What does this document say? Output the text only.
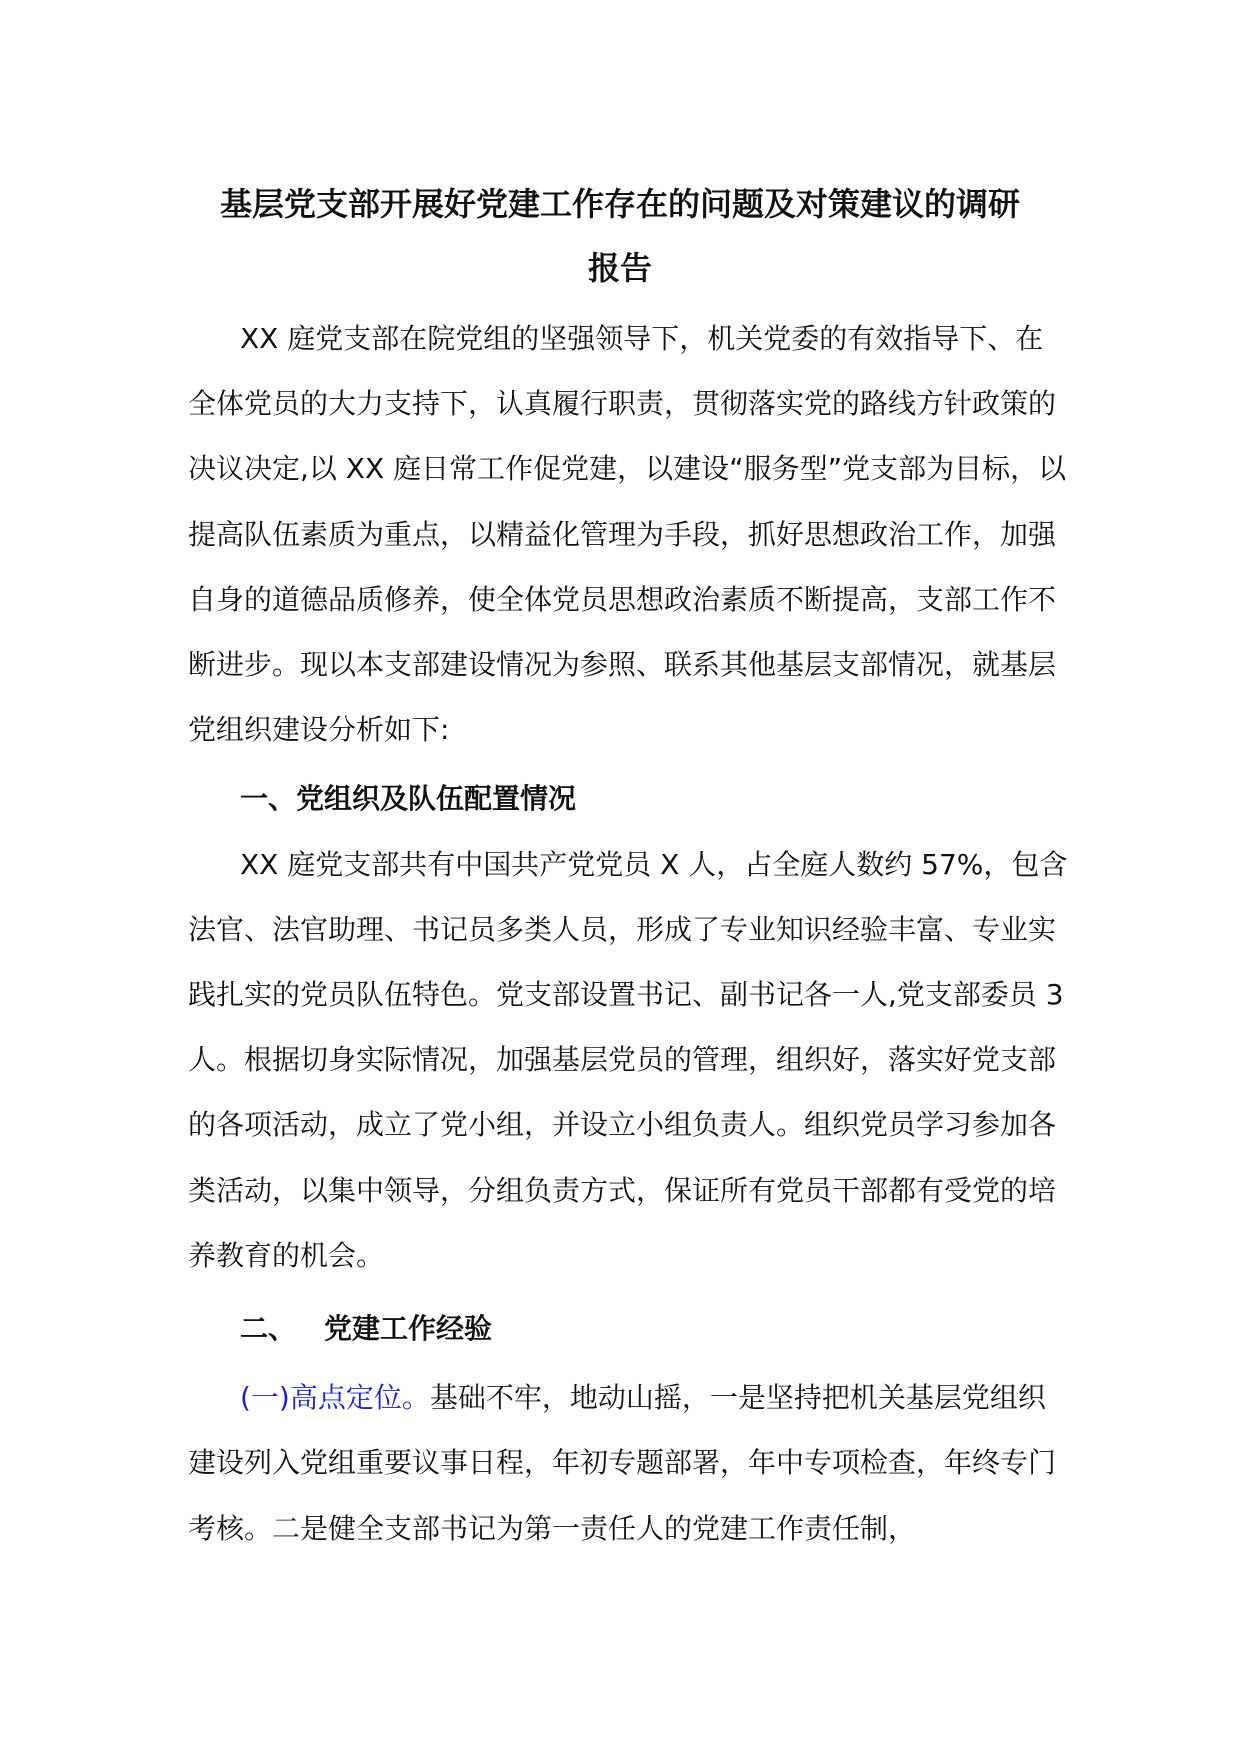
基层党支部开展好党建工作存在的问题及对策建议的调研
报告

XX 庭党支部在院党组的坚强领导下，机关党委的有效指导下、在全体党员的大力支持下，认真履行职责，贯彻落实党的路线方针政策的决议决定,以 XX 庭日常工作促党建，以建设“服务型”党支部为目标，以提高队伍素质为重点，以精益化管理为手段，抓好思想政治工作，加强自身的道德品质修养，使全体党员思想政治素质不断提高，支部工作不断进步。现以本支部建设情况为参照、联系其他基层支部情况，就基层党组织建设分析如下:

一、党组织及队伍配置情况

XX 庭党支部共有中国共产党党员 X 人，占全庭人数约 57%，包含法官、法官助理、书记员多类人员，形成了专业知识经验丰富、专业实践扎实的党员队伍特色。党支部设置书记、副书记各一人,党支部委员 3 人。根据切身实际情况，加强基层党员的管理，组织好，落实好党支部的各项活动，成立了党小组，并设立小组负责人。组织党员学习参加各类活动，以集中领导，分组负责方式，保证所有党员干部都有受党的培养教育的机会。

二、 党建工作经验

(一)高点定位。基础不牢，地动山摇，一是坚持把机关基层党组织建设列入党组重要议事日程，年初专题部署，年中专项检查，年终专门考核。二是健全支部书记为第一责任人的党建工作责任制，
